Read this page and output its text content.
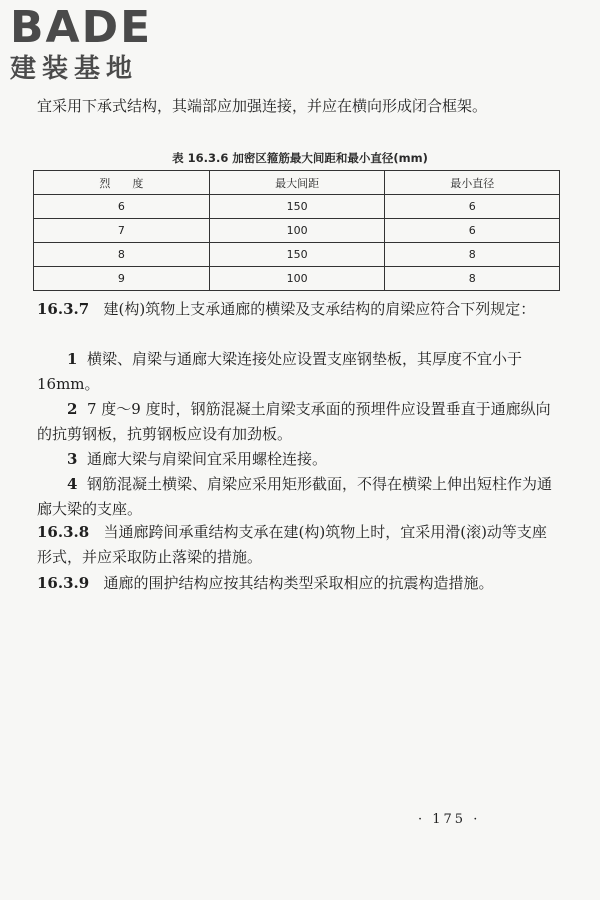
BADE
建装基地
宜采用下承式结构，其端部应加强连接，并应在横向形成闭合框架。
表 16.3.6 加密区箍筋最大间距和最小直径(mm)
烈　　度	最大间距	最小直径
6	150	6
7	100	6
8	150	8
9	100	8
16.3.7 建(构)筑物上支承通廊的横梁及支承结构的肩梁应符合下列规定：
1 横梁、肩梁与通廊大梁连接处应设置支座钢垫板，其厚度不宜小于 16mm。
2 7 度～9 度时，钢筋混凝土肩梁支承面的预埋件应设置垂直于通廊纵向的抗剪钢板，抗剪钢板应设有加劲板。
3 通廊大梁与肩梁间宜采用螺栓连接。
4 钢筋混凝土横梁、肩梁应采用矩形截面，不得在横梁上伸出短柱作为通廊大梁的支座。
16.3.8 当通廊跨间承重结构支承在建(构)筑物上时，宜采用滑(滚)动等支座形式，并应采取防止落梁的措施。
16.3.9 通廊的围护结构应按其结构类型采取相应的抗震构造措施。
· 175 ·
